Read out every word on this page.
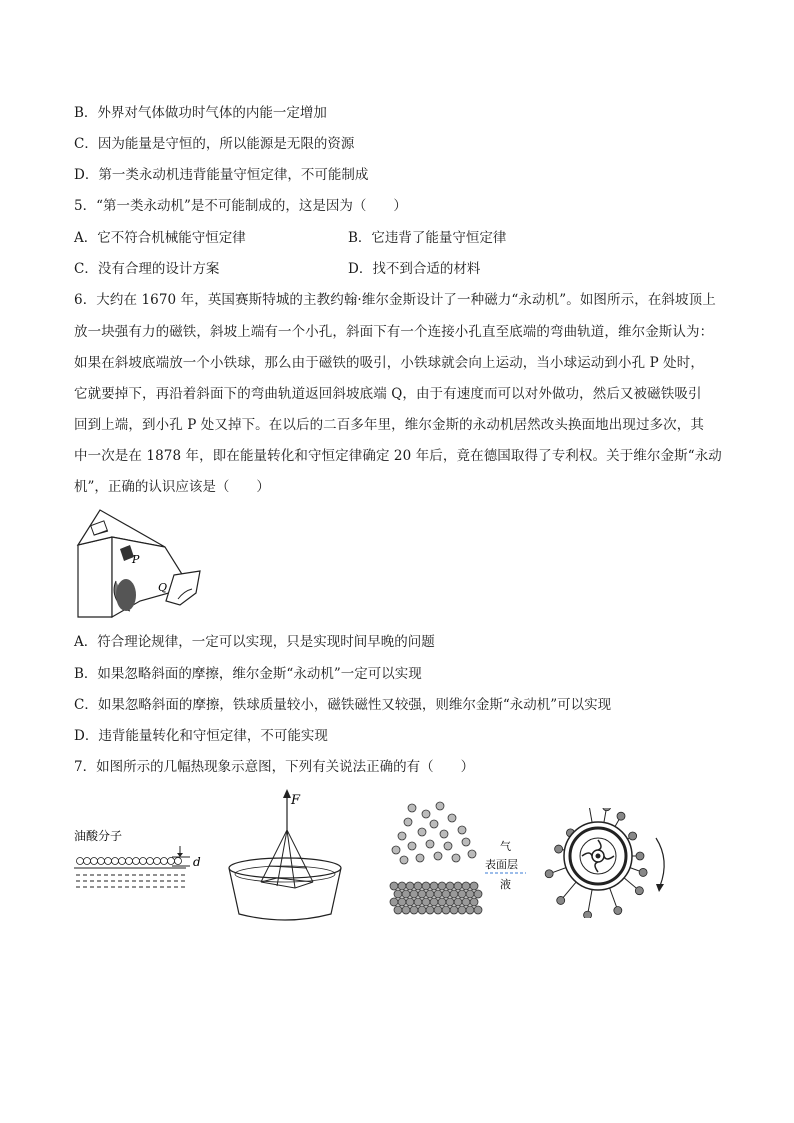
B．外界对气体做功时气体的内能一定增加
C．因为能量是守恒的，所以能源是无限的资源
D．第一类永动机违背能量守恒定律，不可能制成
5．“第一类永动机”是不可能制成的，这是因为（　　）
A．它不符合机械能守恒定律	B．它违背了能量守恒定律
C．没有合理的设计方案	D．找不到合适的材料
6．大约在 1670 年，英国赛斯特城的主教约翰·维尔金斯设计了一种磁力“永动机”。如图所示，在斜坡顶上
放一块强有力的磁铁，斜坡上端有一个小孔，斜面下有一个连接小孔直至底端的弯曲轨道，维尔金斯认为：
如果在斜坡底端放一个小铁球，那么由于磁铁的吸引，小铁球就会向上运动，当小球运动到小孔 P 处时，
它就要掉下，再沿着斜面下的弯曲轨道返回斜坡底端 Q，由于有速度而可以对外做功，然后又被磁铁吸引
回到上端，到小孔 P 处又掉下。在以后的二百多年里，维尔金斯的永动机居然改头换面地出现过多次，其
中一次是在 1878 年，即在能量转化和守恒定律确定 20 年后，竟在德国取得了专利权。关于维尔金斯“永动
机”，正确的认识应该是（　　）
P
Q
A．符合理论规律，一定可以实现，只是实现时间早晚的问题
B．如果忽略斜面的摩擦，维尔金斯“永动机”一定可以实现
C．如果忽略斜面的摩擦，铁球质量较小，磁铁磁性又较强，则维尔金斯“永动机”可以实现
D．违背能量转化和守恒定律，不可能实现
7．如图所示的几幅热现象示意图，下列有关说法正确的有（　　）
油酸分子
d
F
气
表面层
液
